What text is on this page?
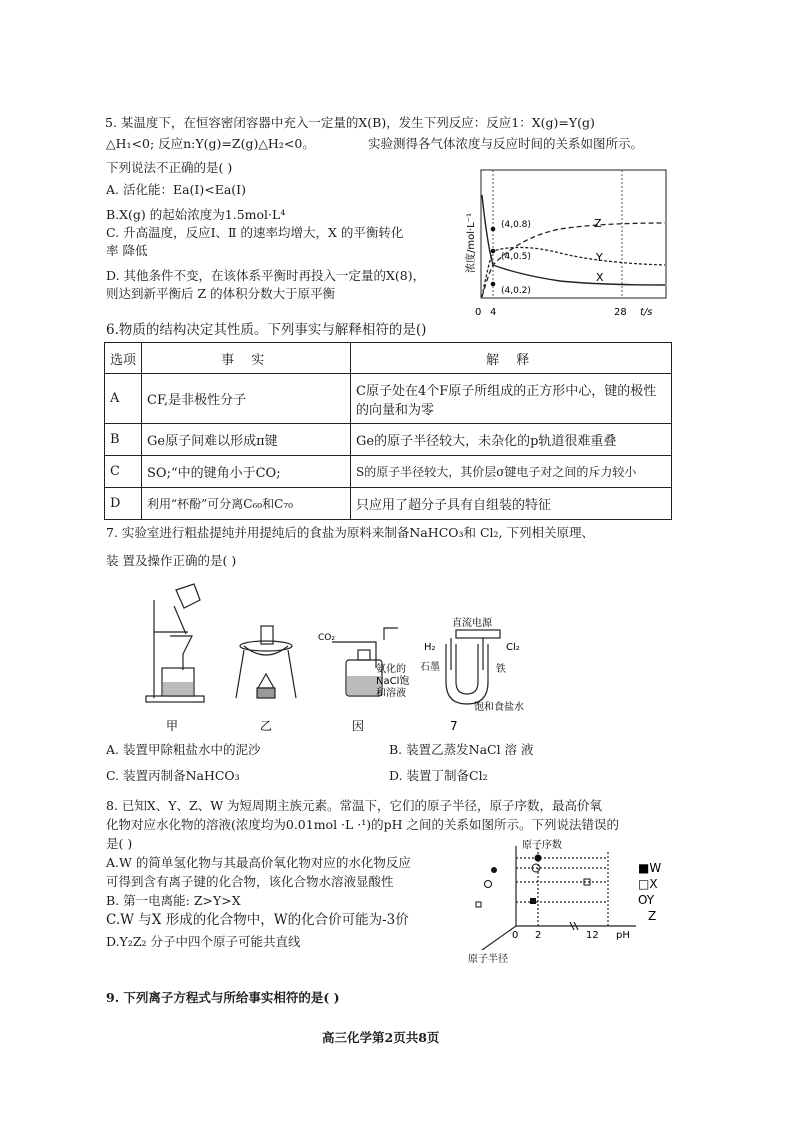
5. 某温度下，在恒容密闭容器中充入一定量的X(B)，发生下列反应：反应1：X(g)=Y(g)
△H₁<0; 反应n:Y(g)=Z(g)△H₂<0。	实验测得各气体浓度与反应时间的关系如图所示。
下列说法不正确的是( )
A. 活化能：Ea(I)<Ea(I)
B.X(g) 的起始浓度为1.5mol·L⁴
C. 升高温度，反应Ⅰ、Ⅱ 的速率均增大，X 的平衡转化
率 降低
D. 其他条件不变，在该体系平衡时再投入一定量的X(8)，
则达到新平衡后 Z 的体积分数大于原平衡
(4,0.8)
(4,0.5)
(4,0.2)
Z
Y
X
0 4	28 t/s
浓度/mol·L⁻¹
6.物质的结构决定其性质。下列事实与解释相符的是()
选项	事 实	解 释
A	CF,是非极性分子	C原子处在4个F原子所组成的正方形中心，键的极性的向量和为零
B	Ge原子间难以形成π键	Ge的原子半径较大，未杂化的p轨道很难重叠
C	SO;“中的键角小于CO;	S的原子半径较大，其价层σ键电子对之间的斥力较小
D	利用“杯酚”可分离C₆₀和C₇₀	只应用了超分子具有自组装的特征
7. 实验室进行粗盐提纯并用提纯后的食盐为原料来制备NaHCO₃和 Cl₂, 下列相关原理、
装 置及操作正确的是( )
CO₂
氨化的
NaCl饱
和溶液
直流电源
H₂	Cl₂
石墨	铁
饱和食盐水
甲	乙	因	7
A. 装置甲除粗盐水中的泥沙	B. 装置乙蒸发NaCl 溶 液
C. 装置丙制备NaHCO₃	D. 装置丁制备Cl₂
8. 已知X、Y、Z、W 为短周期主族元素。常温下，它们的原子半径，原子序数，最高价氧
化物对应水化物的溶液(浓度均为0.01mol ·L ·¹)的pH 之间的关系如图所示。下列说法错误的
是( )
A.W 的简单氢化物与其最高价氧化物对应的水化物反应
可得到含有离子键的化合物，该化合物水溶液显酸性
B. 第一电离能: Z>Y>X
C.W 与X 形成的化合物中，W的化合价可能为-3价
D.Y₂Z₂ 分子中四个原子可能共直线
原子序数
0 2	12 pH
原子半径
■W
□X
OY
Z
9. 下列离子方程式与所给事实相符的是( )
高三化学第2页共8页
